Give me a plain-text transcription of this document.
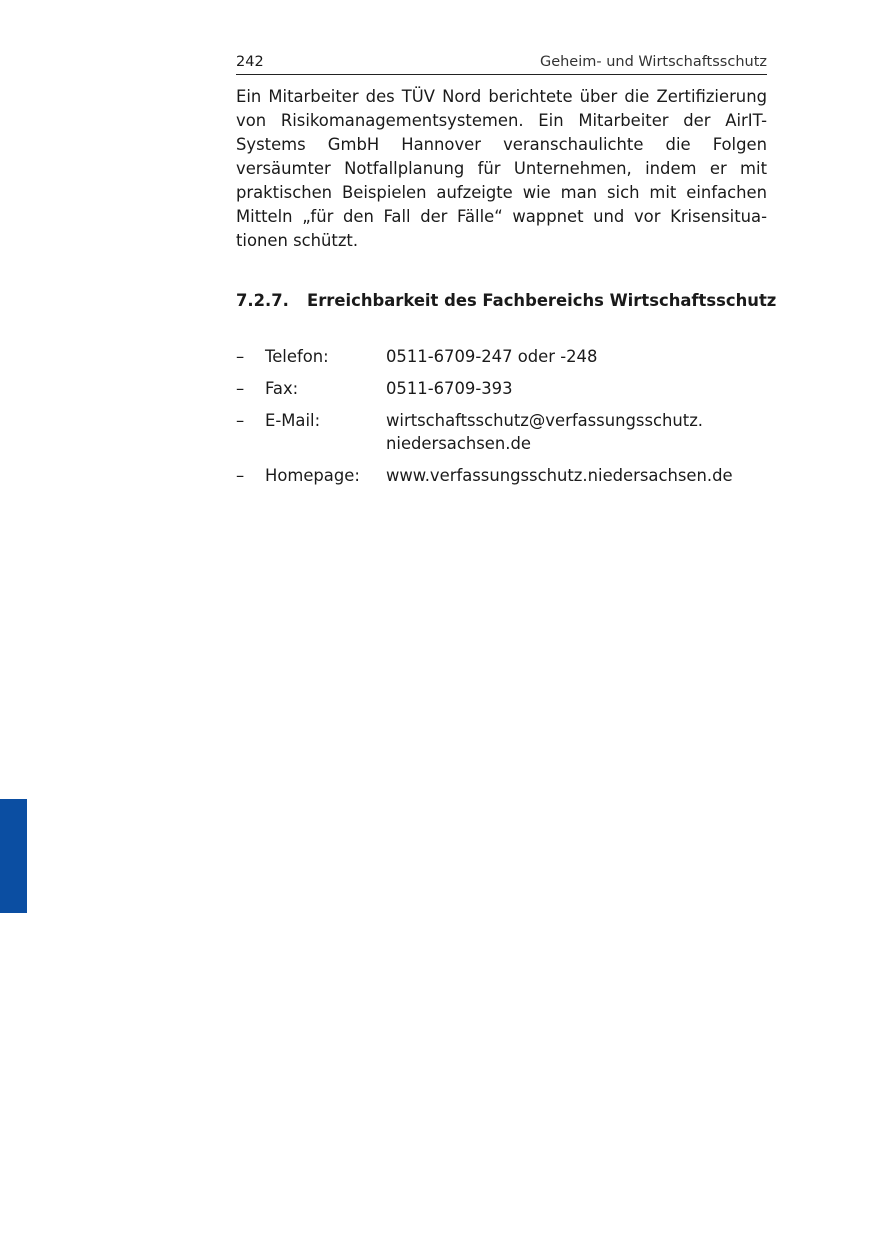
242	Geheim- und Wirtschaftsschutz

Ein Mitarbeiter des TÜV Nord berichtete über die Zertifizierung von Risikomanagementsystemen. Ein Mitarbeiter der AirIT-Systems GmbH Hannover veranschaulichte die Folgen versäumter Notfallplanung für Unternehmen, indem er mit praktischen Beispielen aufzeigte wie man sich mit einfachen Mitteln „für den Fall der Fälle“ wappnet und vor Krisensituationen schützt.

7.2.7. Erreichbarkeit des Fachbereichs Wirtschaftsschutz
–	Telefon:	0511-6709-247 oder -248
–	Fax:	0511-6709-393
–	E-Mail:	wirtschaftsschutz@verfassungsschutz.​niedersachsen.de
–	Homepage:	www.verfassungsschutz.niedersachsen.de
